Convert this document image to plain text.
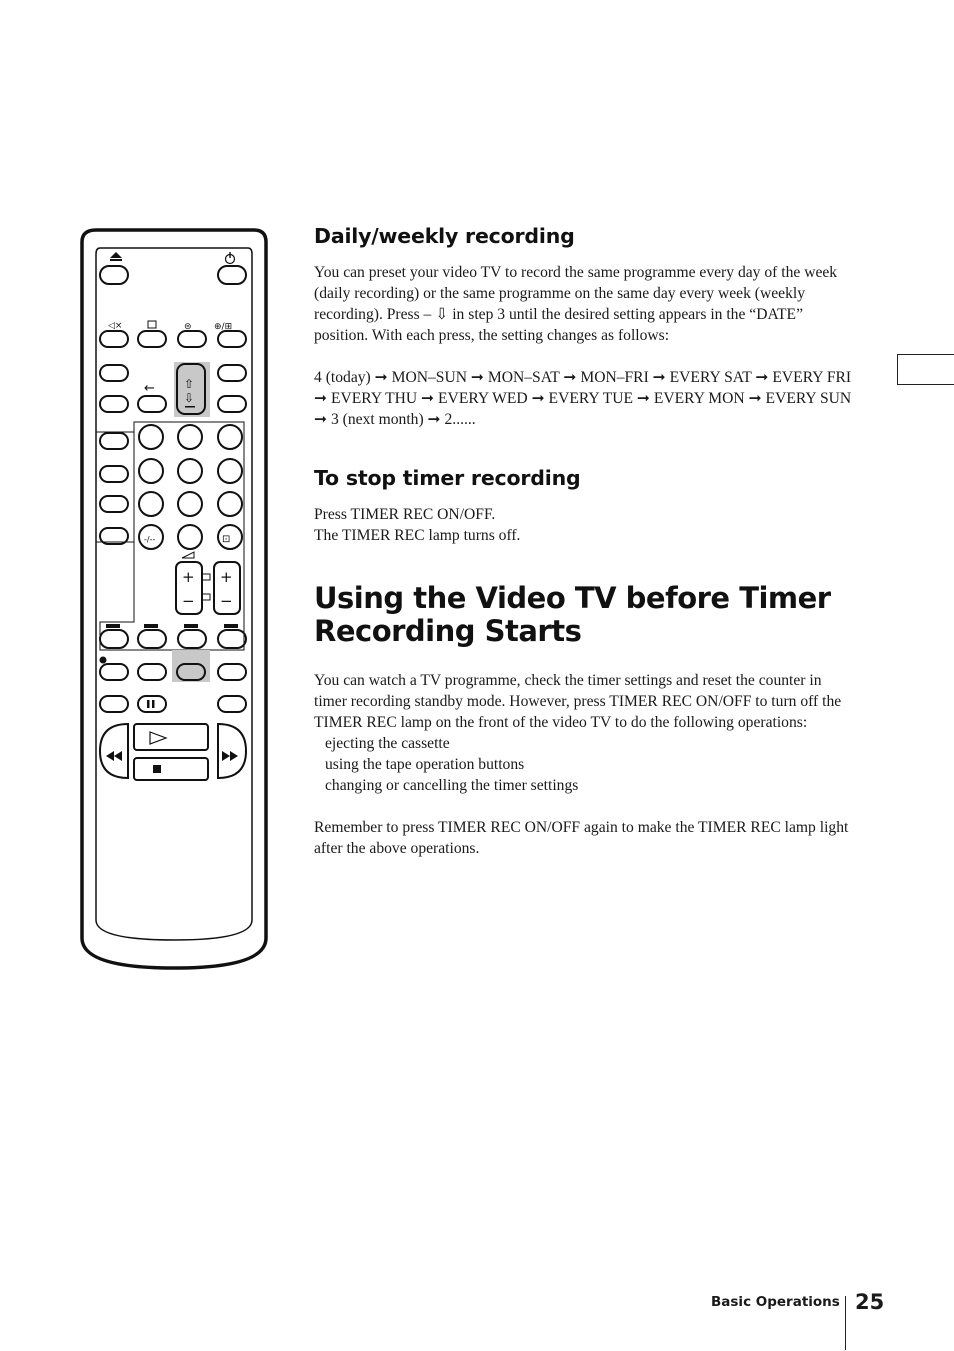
◁×	⊜ ⊕/⊞
← ⇧
⇩
-/--	⊡
+
−
+
−
Daily/weekly recording

You can preset your video TV to record the same programme every day of the week (daily recording) or the same programme on the same day every week (weekly recording). Press – ⇩ in step 3 until the desired setting appears in the “DATE” position. With each press, the setting changes as follows:

4 (today) ➞ MON–SUN ➞ MON–SAT ➞ MON–FRI ➞ EVERY SAT ➞ EVERY FRI ➞ EVERY THU ➞ EVERY WED ➞ EVERY TUE ➞ EVERY MON ➞ EVERY SUN ➞ 3 (next month) ➞ 2......

To stop timer recording

Press TIMER REC ON/OFF.

The TIMER REC lamp turns off.

Using the Video TV before Timer Recording Starts

You can watch a TV programme, check the timer settings and reset the counter in timer recording standby mode. However, press TIMER REC ON/OFF to turn off the TIMER REC lamp on the front of the video TV to do the following operations:

ejecting the cassette

using the tape operation buttons

changing or cancelling the timer settings

Remember to press TIMER REC ON/OFF again to make the TIMER REC lamp light after the above operations.

Basic Operations 25
